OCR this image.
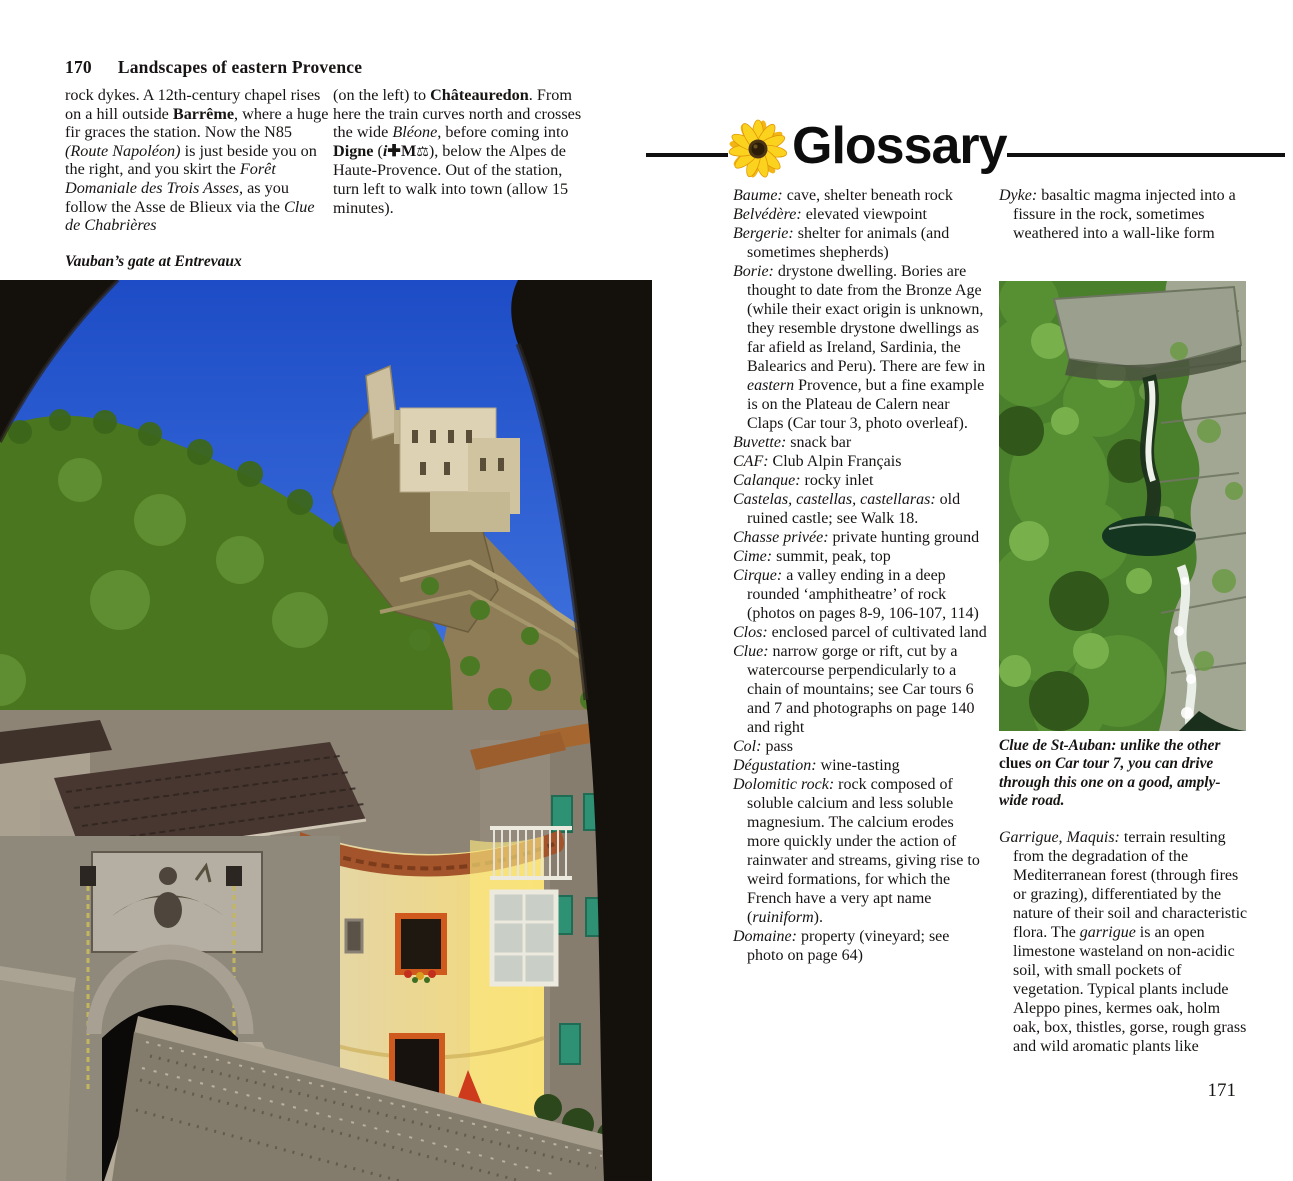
170 Landscapes of eastern Provence
rock dykes. A 12th-century chapel rises on a hill outside Barrême, where a huge fir graces the station. Now the N85 (Route Napoléon) is just beside you on the right, and you skirt the Forêt Domaniale des Trois Asses, as you follow the Asse de Blieux via the Clue de Chabrières
(on the left) to Châteauredon. From here the train curves north and crosses the wide Bléone, before coming into Digne (i✚M⚖), below the Alpes de Haute-Provence. Out of the station, turn left to walk into town (allow 15 minutes).
Vauban’s gate at Entrevaux
Glossary
Baume: cave, shelter beneath rock
Belvédère: elevated viewpoint
Bergerie: shelter for animals (and sometimes shepherds)
Borie: drystone dwelling. Bories are thought to date from the Bronze Age (while their exact origin is unknown, they resemble drystone dwellings as far afield as Ireland, Sardinia, the Balearics and Peru). There are few in eastern Provence, but a fine example is on the Plateau de Calern near Claps (Car tour 3, photo overleaf).
Buvette: snack bar
CAF: Club Alpin Français
Calanque: rocky inlet
Castelas, castellas, castellaras: old ruined castle; see Walk 18.
Chasse privée: private hunting ground
Cime: summit, peak, top
Cirque: a valley ending in a deep rounded ‘amphitheatre’ of rock (photos on pages 8-9, 106-107, 114)
Clos: enclosed parcel of cultivated land
Clue: narrow gorge or rift, cut by a watercourse perpendicularly to a chain of mountains; see Car tours 6 and 7 and photographs on page 140 and right
Col: pass
Dégustation: wine-tasting
Dolomitic rock: rock composed of soluble calcium and less soluble magnesium. The calcium erodes more quickly under the action of rainwater and streams, giving rise to weird formations, for which the French have a very apt name (ruiniform).
Domaine: property (vineyard; see photo on page 64)
Dyke: basaltic magma injected into a fissure in the rock, sometimes weathered into a wall-like form
Clue de St-Auban: unlike the other clues on Car tour 7, you can drive through this one on a good, amply-wide road.
Garrigue, Maquis: terrain resulting from the degradation of the Mediterranean forest (through fires or grazing), differentiated by the nature of their soil and characteristic flora. The garrigue is an open limestone wasteland on non-acidic soil, with small pockets of vegetation. Typical plants include Aleppo pines, kermes oak, holm oak, box, thistles, gorse, rough grass and wild aromatic plants like
171
